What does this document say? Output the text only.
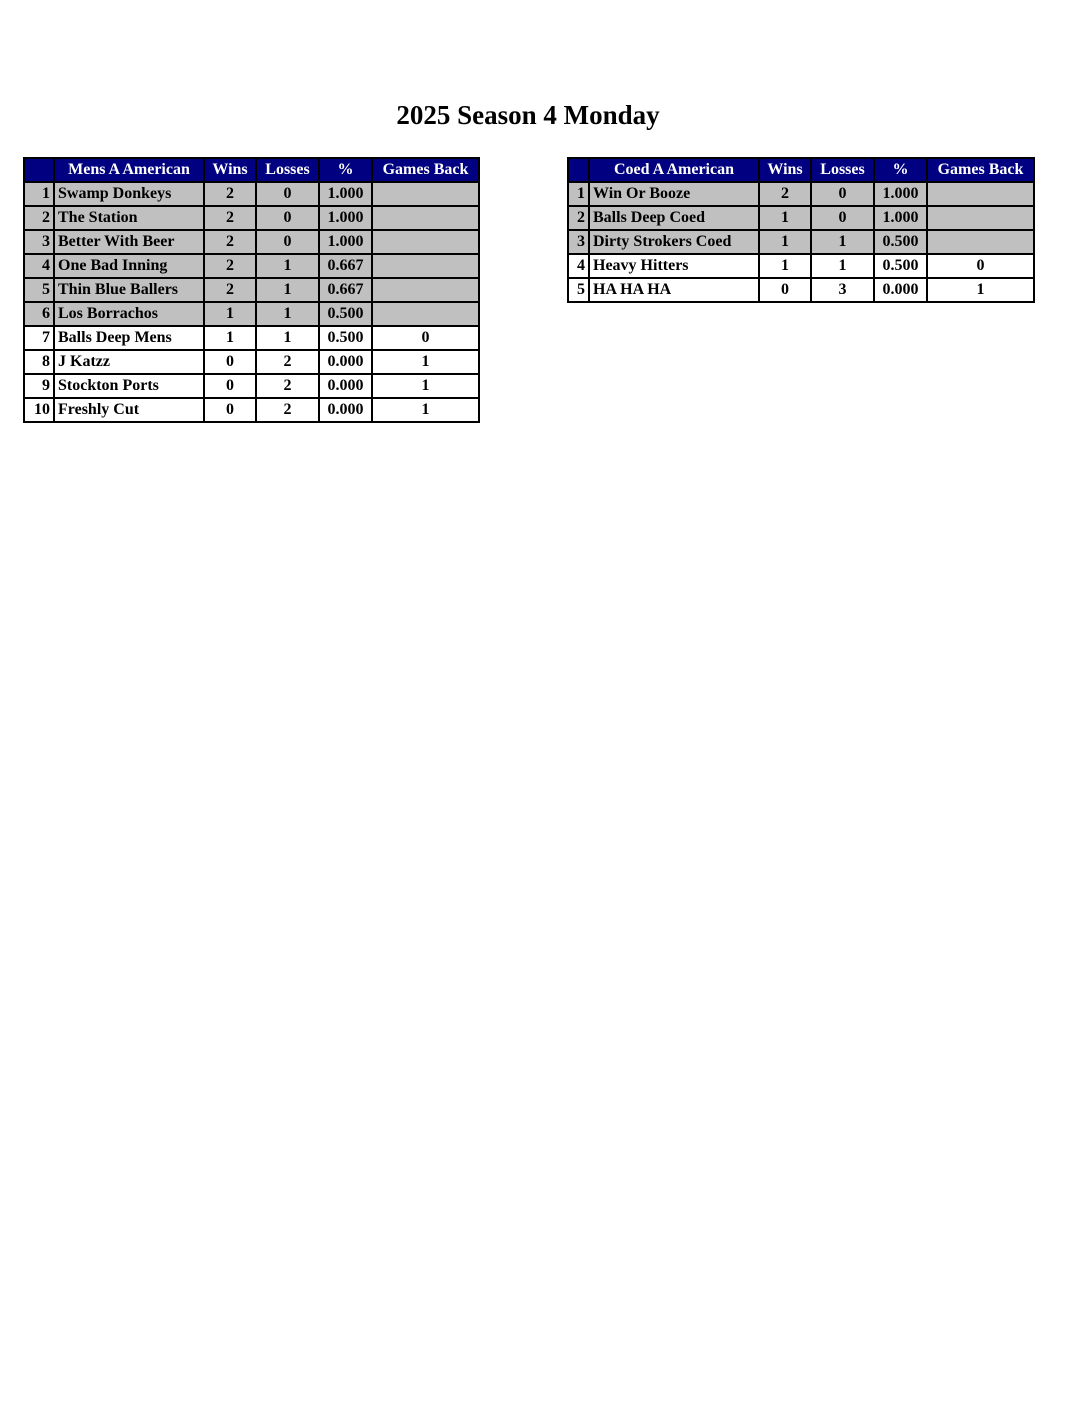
2025 Season 4 Monday
	Mens A American	Wins	Losses	%	Games Back
1	Swamp Donkeys	2	0	1.000	
2	The Station	2	0	1.000	
3	Better With Beer	2	0	1.000	
4	One Bad Inning	2	1	0.667	
5	Thin Blue Ballers	2	1	0.667	
6	Los Borrachos	1	1	0.500	
7	Balls Deep Mens	1	1	0.500	0
8	J Katzz	0	2	0.000	1
9	Stockton Ports	0	2	0.000	1
10	Freshly Cut	0	2	0.000	1
	Coed A American	Wins	Losses	%	Games Back
1	Win Or Booze	2	0	1.000	
2	Balls Deep Coed	1	0	1.000	
3	Dirty Strokers Coed	1	1	0.500	
4	Heavy Hitters	1	1	0.500	0
5	HA HA HA	0	3	0.000	1
